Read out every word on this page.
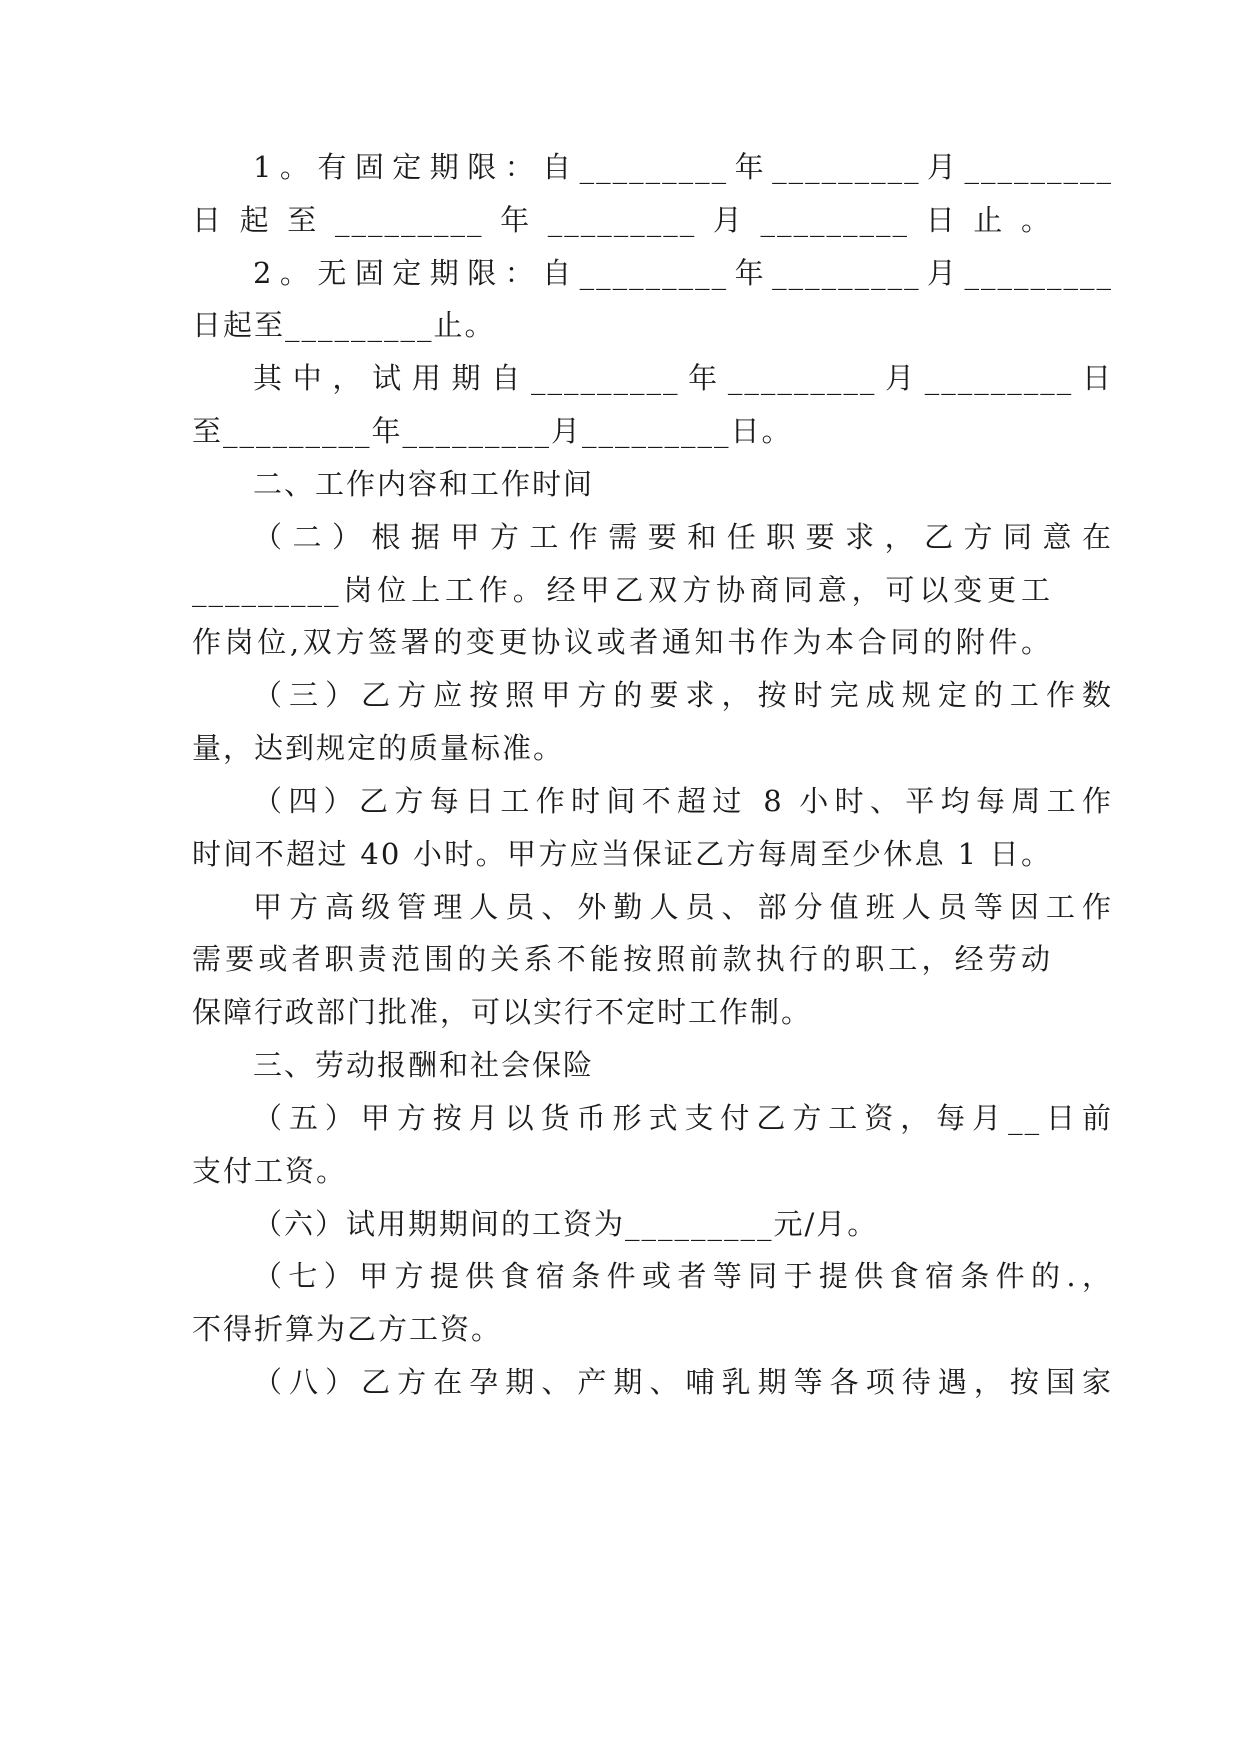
1。有固定期限：自_________年_________月_________
日起至_________年_________月_________日止。
2。无固定期限：自_________年_________月_________
日起至_________止。
其中，试用期自_________年_________月_________日
至_________年_________月_________日。
二、工作内容和工作时间
（二）根据甲方工作需要和任职要求，乙方同意在
_________岗位上工作。经甲乙双方协商同意，可以变更工
作岗位,双方签署的变更协议或者通知书作为本合同的附件。
（三）乙方应按照甲方的要求，按时完成规定的工作数
量，达到规定的质量标准。
（四）乙方每日工作时间不超过 8 小时、平均每周工作
时间不超过 40 小时。甲方应当保证乙方每周至少休息 1 日。
甲方高级管理人员、外勤人员、部分值班人员等因工作
需要或者职责范围的关系不能按照前款执行的职工，经劳动
保障行政部门批准，可以实行不定时工作制。
三、劳动报酬和社会保险
（五）甲方按月以货币形式支付乙方工资，每月__日前
支付工资。
（六）试用期期间的工资为_________元/月。
（七）甲方提供食宿条件或者等同于提供食宿条件的.，
不得折算为乙方工资。
（八）乙方在孕期、产期、哺乳期等各项待遇，按国家
